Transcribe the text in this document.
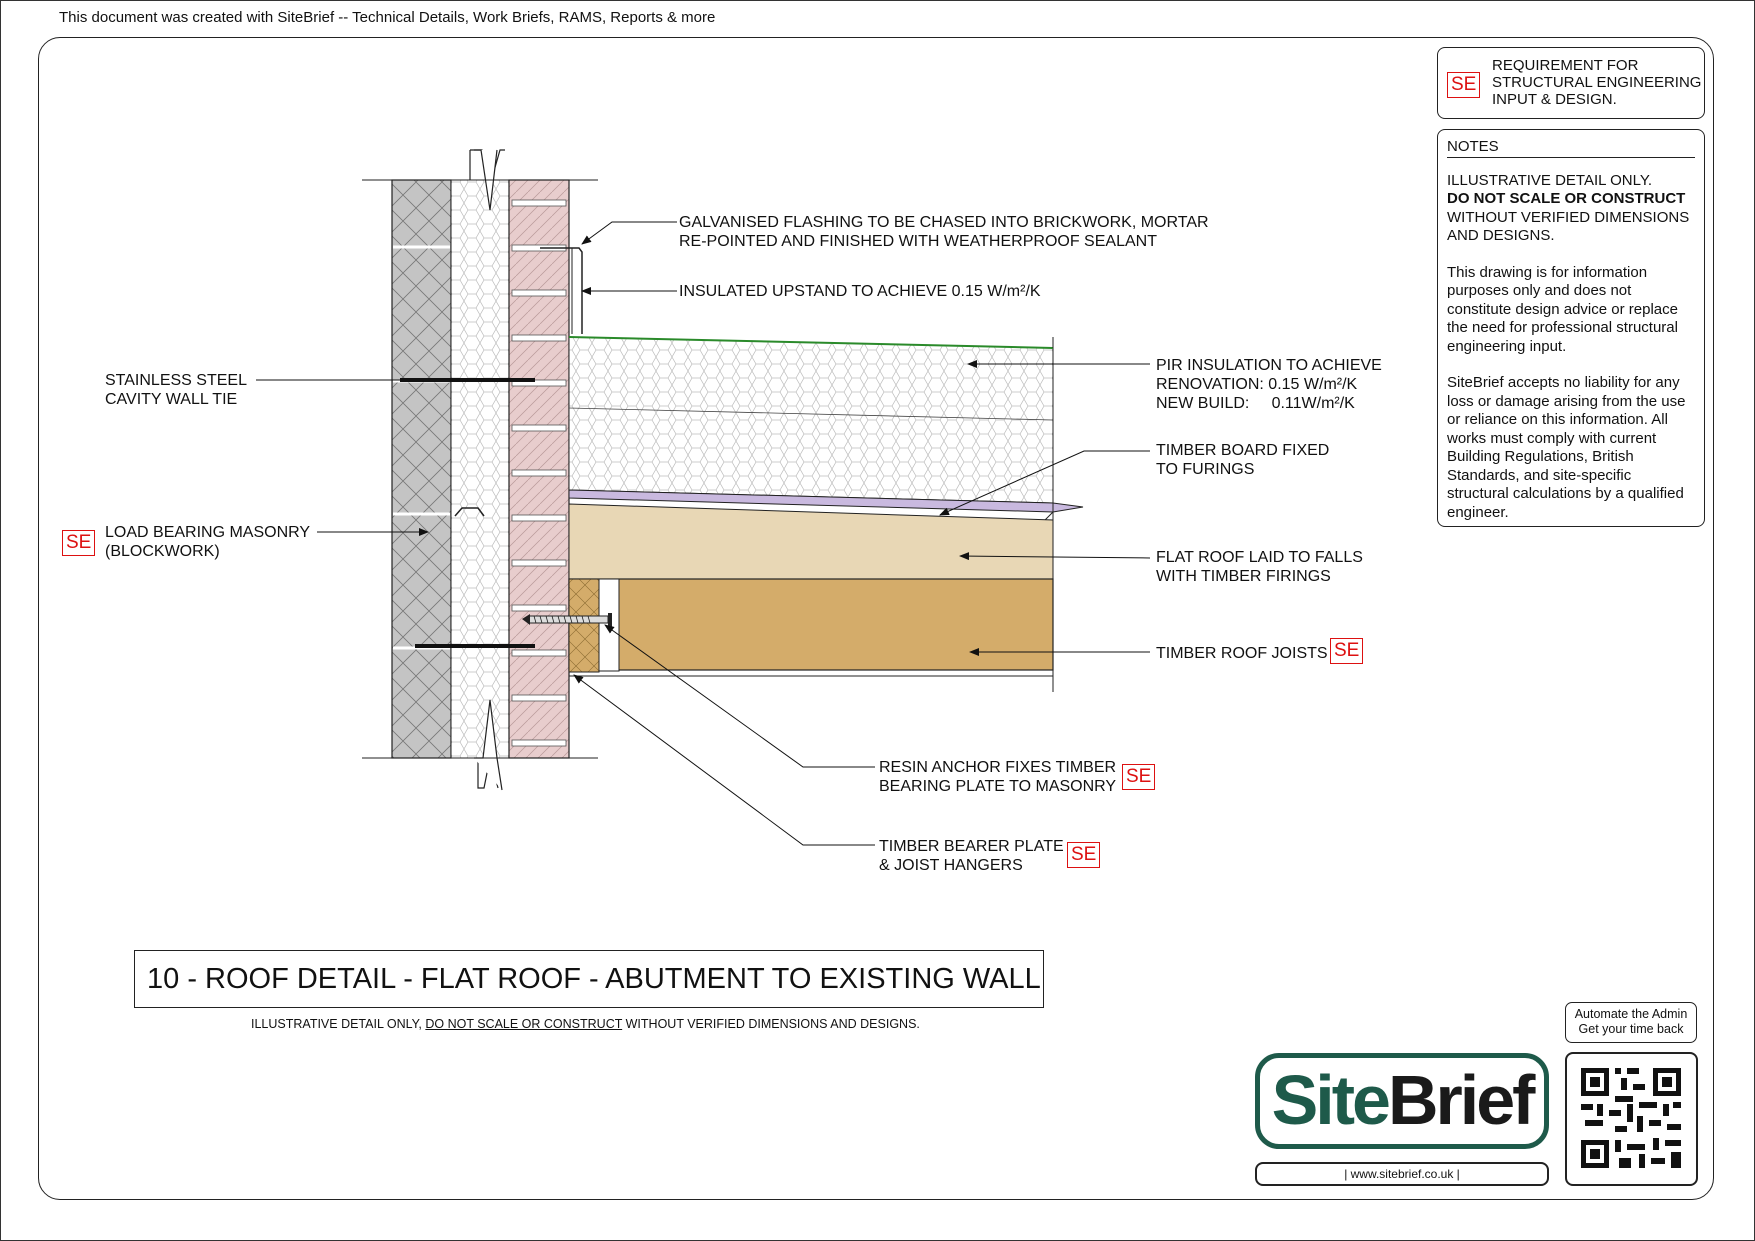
This document was created with SiteBrief -- Technical Details, Work Briefs, RAMS, Reports & more
GALVANISED FLASHING TO BE CHASED INTO BRICKWORK, MORTAR
RE-POINTED AND FINISHED WITH WEATHERPROOF SEALANT
INSULATED UPSTAND TO ACHIEVE 0.15 W/m²/K
STAINLESS STEEL
CAVITY WALL TIE
LOAD BEARING MASONRY
(BLOCKWORK)
SE
PIR INSULATION TO ACHIEVE
RENOVATION: 0.15 W/m²/K
NEW BUILD:     0.11W/m²/K
TIMBER BOARD FIXED
TO FURINGS
FLAT ROOF LAID TO FALLS
WITH TIMBER FIRINGS
TIMBER ROOF JOISTS SE
RESIN ANCHOR FIXES TIMBER
BEARING PLATE TO MASONRY SE
TIMBER BEARER PLATE
& JOIST HANGERS
SE
SE
REQUIREMENT FOR
STRUCTURAL ENGINEERING
INPUT & DESIGN.
NOTES

ILLUSTRATIVE DETAIL ONLY.
DO NOT SCALE OR CONSTRUCT
WITHOUT VERIFIED DIMENSIONS AND DESIGNS.

This drawing is for information purposes only and does not constitute design advice or replace the need for professional structural engineering input.

SiteBrief accepts no liability for any loss or damage arising from the use or reliance on this information. All works must comply with current Building Regulations, British Standards, and site-specific structural calculations by a qualified engineer.

10 - ROOF DETAIL - FLAT ROOF - ABUTMENT TO EXISTING WALL
ILLUSTRATIVE DETAIL ONLY, DO NOT SCALE OR CONSTRUCT WITHOUT VERIFIED DIMENSIONS AND DESIGNS.
SiteBrief
| www.sitebrief.co.uk |
Automate the Admin
Get your time back
